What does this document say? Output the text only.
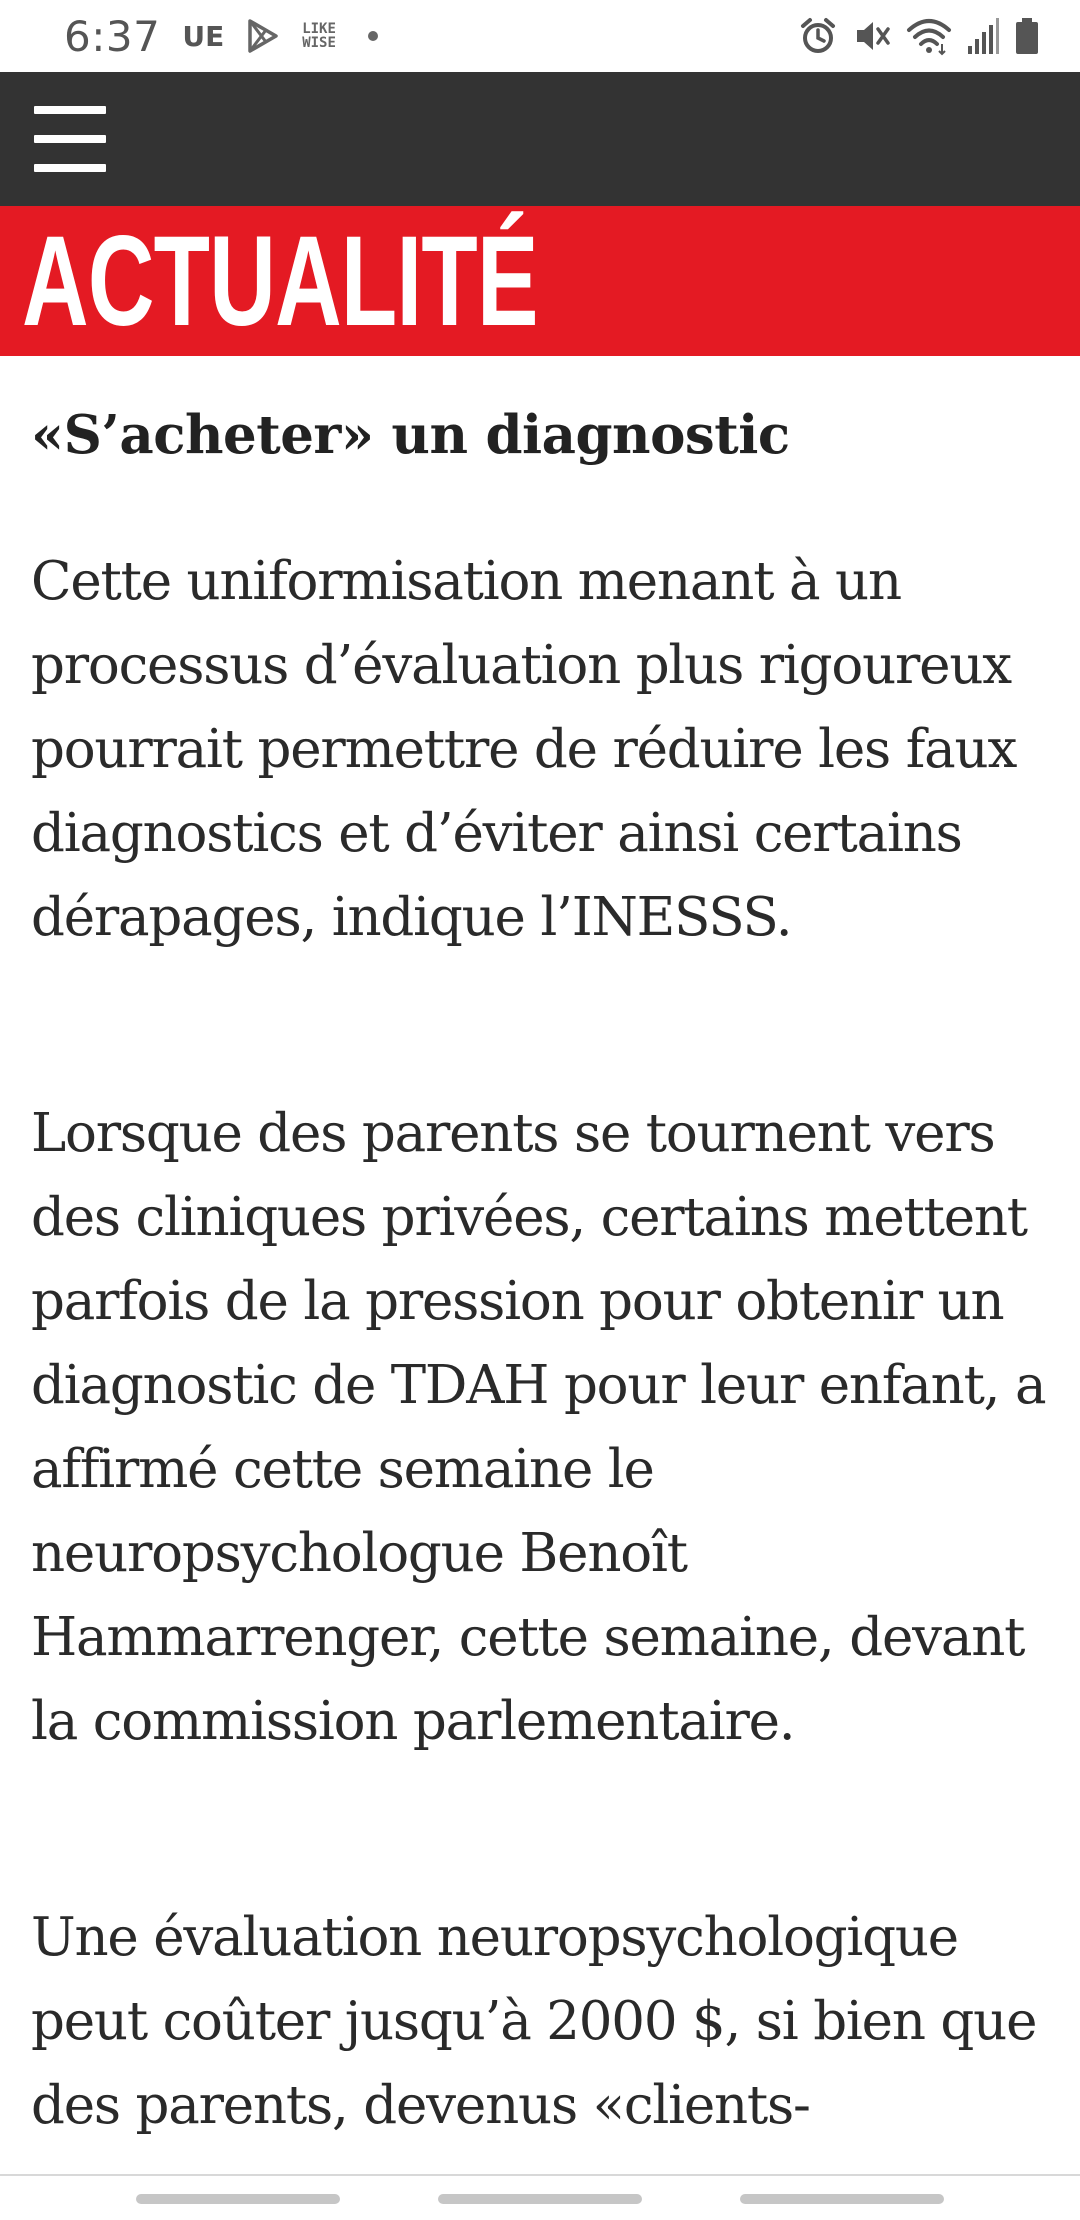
6:37 UE	LIKE
WISE
ACTUALITÉ
«S’acheter» un diagnostic

Cette uniformisation menant à un processus d’évaluation plus rigoureux pourrait permettre de réduire les faux diagnostics et d’éviter ainsi certains dérapages, indique l’INESSS.

Lorsque des parents se tournent vers des cliniques privées, certains mettent parfois de la pression pour obtenir un diagnostic de TDAH pour leur enfant, a affirmé cette semaine le neuropsychologue Benoît Hammarrenger, cette semaine, devant la commission parlementaire.

Une évaluation neuropsychologique peut coûter jusqu’à 2000 $, si bien que des parents, devenus «clients-
